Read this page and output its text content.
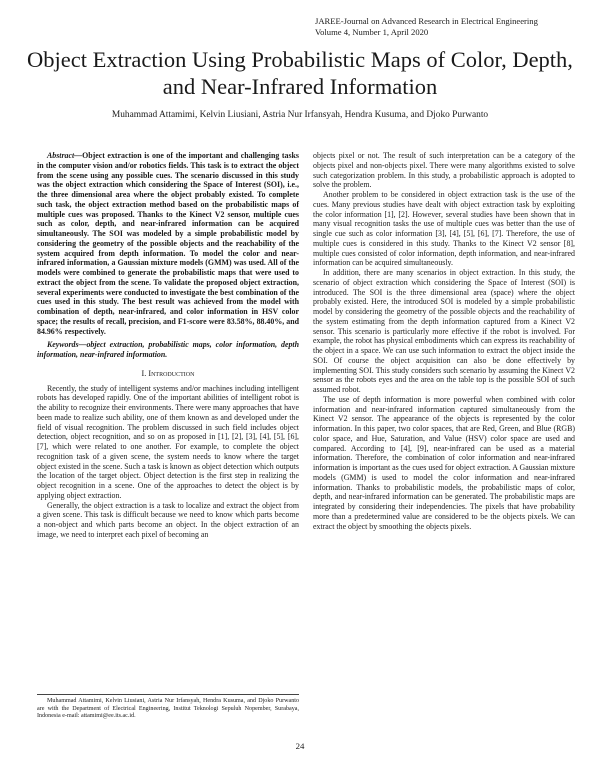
JAREE-Journal on Advanced Research in Electrical Engineering
Volume 4, Number 1, April 2020
Object Extraction Using Probabilistic Maps of Color, Depth, and Near-Infrared Information
Muhammad Attamimi, Kelvin Liusiani, Astria Nur Irfansyah, Hendra Kusuma, and Djoko Purwanto

Abstract—Object extraction is one of the important and challenging tasks in the computer vision and/or robotics fields. This task is to extract the object from the scene using any possible cues. The scenario discussed in this study was the object extraction which considering the Space of Interest (SOI), i.e., the three dimensional area where the object probably existed. To complete such task, the object extraction method based on the probabilistic maps of multiple cues was proposed. Thanks to the Kinect V2 sensor, multiple cues such as color, depth, and near-infrared information can be acquired simultaneously. The SOI was modeled by a simple probabilistic model by considering the geometry of the possible objects and the reachability of the system acquired from depth information. To model the color and near-infrared information, a Gaussian mixture models (GMM) was used. All of the models were combined to generate the probabilistic maps that were used to extract the object from the scene. To validate the proposed object extraction, several experiments were conducted to investigate the best combination of the cues used in this study. The best result was achieved from the model with combination of depth, near-infrared, and color information in HSV color space; the results of recall, precision, and F1-score were 83.58%, 88.40%, and 84.96% respectively.

Keywords—object extraction, probabilistic maps, color information, depth information, near-infrared information.

I. Introduction

Recently, the study of intelligent systems and/or machines including intelligent robots has developed rapidly. One of the important abilities of intelligent robot is the ability to recognize their environments. There were many approaches that have been made to realize such ability, one of them known as and developed under the field of visual recognition. The problem discussed in such field includes object detection, object recognition, and so on as proposed in [1], [2], [3], [4], [5], [6], [7], which were related to one another. For example, to complete the object recognition task of a given scene, the system needs to know where the target object existed in the scene. Such a task is known as object detection which outputs the location of the target object. Object detection is the first step in realizing the object recognition in a scene. One of the approaches to detect the object is by applying object extraction.

Generally, the object extraction is a task to localize and extract the object from a given scene. This task is difficult because we need to know which parts become a non-object and which parts become an object. In the object extraction of an image, we need to interpret each pixel of becoming an

objects pixel or not. The result of such interpretation can be a category of the objects pixel and non-objects pixel. There were many algorithms existed to solve such categorization problem. In this study, a probabilistic approach is adopted to solve the problem.

Another problem to be considered in object extraction task is the use of the cues. Many previous studies have dealt with object extraction task by exploiting the color information [1], [2]. However, several studies have been shown that in many visual recognition tasks the use of multiple cues was better than the use of single cue such as color information [3], [4], [5], [6], [7]. Therefore, the use of multiple cues is considered in this study. Thanks to the Kinect V2 sensor [8], multiple cues consisted of color information, depth information, and near-infrared information can be acquired simultaneously.

In addition, there are many scenarios in object extraction. In this study, the scenario of object extraction which considering the Space of Interest (SOI) is introduced. The SOI is the three dimensional area (space) where the object probably existed. Here, the introduced SOI is modeled by a simple probabilistic model by considering the geometry of the possible objects and the reachability of the system estimating from the depth information captured from a Kinect V2 sensor. This scenario is particularly more effective if the robot is involved. For example, the robot has physical embodiments which can express its reachability of the object in a space. We can use such information to extract the object inside the SOI. Of course the object acquisition can also be done effectively by implementing SOI. This study considers such scenario by assuming the Kinect V2 sensor as the robots eyes and the area on the table top is the possible SOI of such assumed robot.

The use of depth information is more powerful when combined with color information and near-infrared information captured simultaneously from the Kinect V2 sensor. The appearance of the objects is represented by the color information. In this paper, two color spaces, that are Red, Green, and Blue (RGB) color space, and Hue, Saturation, and Value (HSV) color space are used and compared. According to [4], [9], near-infrared can be used as a material information. Therefore, the combination of color information and near-infrared information is important as the cues used for object extraction. A Gaussian mixture models (GMM) is used to model the color information and near-infrared information. Thanks to probabilistic models, the probabilistic maps of color, depth, and near-infrared information can be generated. The probabilistic maps are integrated by considering their independencies. The pixels that have probability more than a predetermined value are considered to be the objects pixels. We can extract the object by smoothing the objects pixels.

Muhammad Attamimi, Kelvin Liusiani, Astria Nur Irfansyah, Hendra Kusuma, and Djoko Purwanto are with the Department of Electrical Engineering, Institut Teknologi Sepuluh Nopember, Surabaya, Indonesia e-mail: attamimi@ee.its.ac.id.

24
